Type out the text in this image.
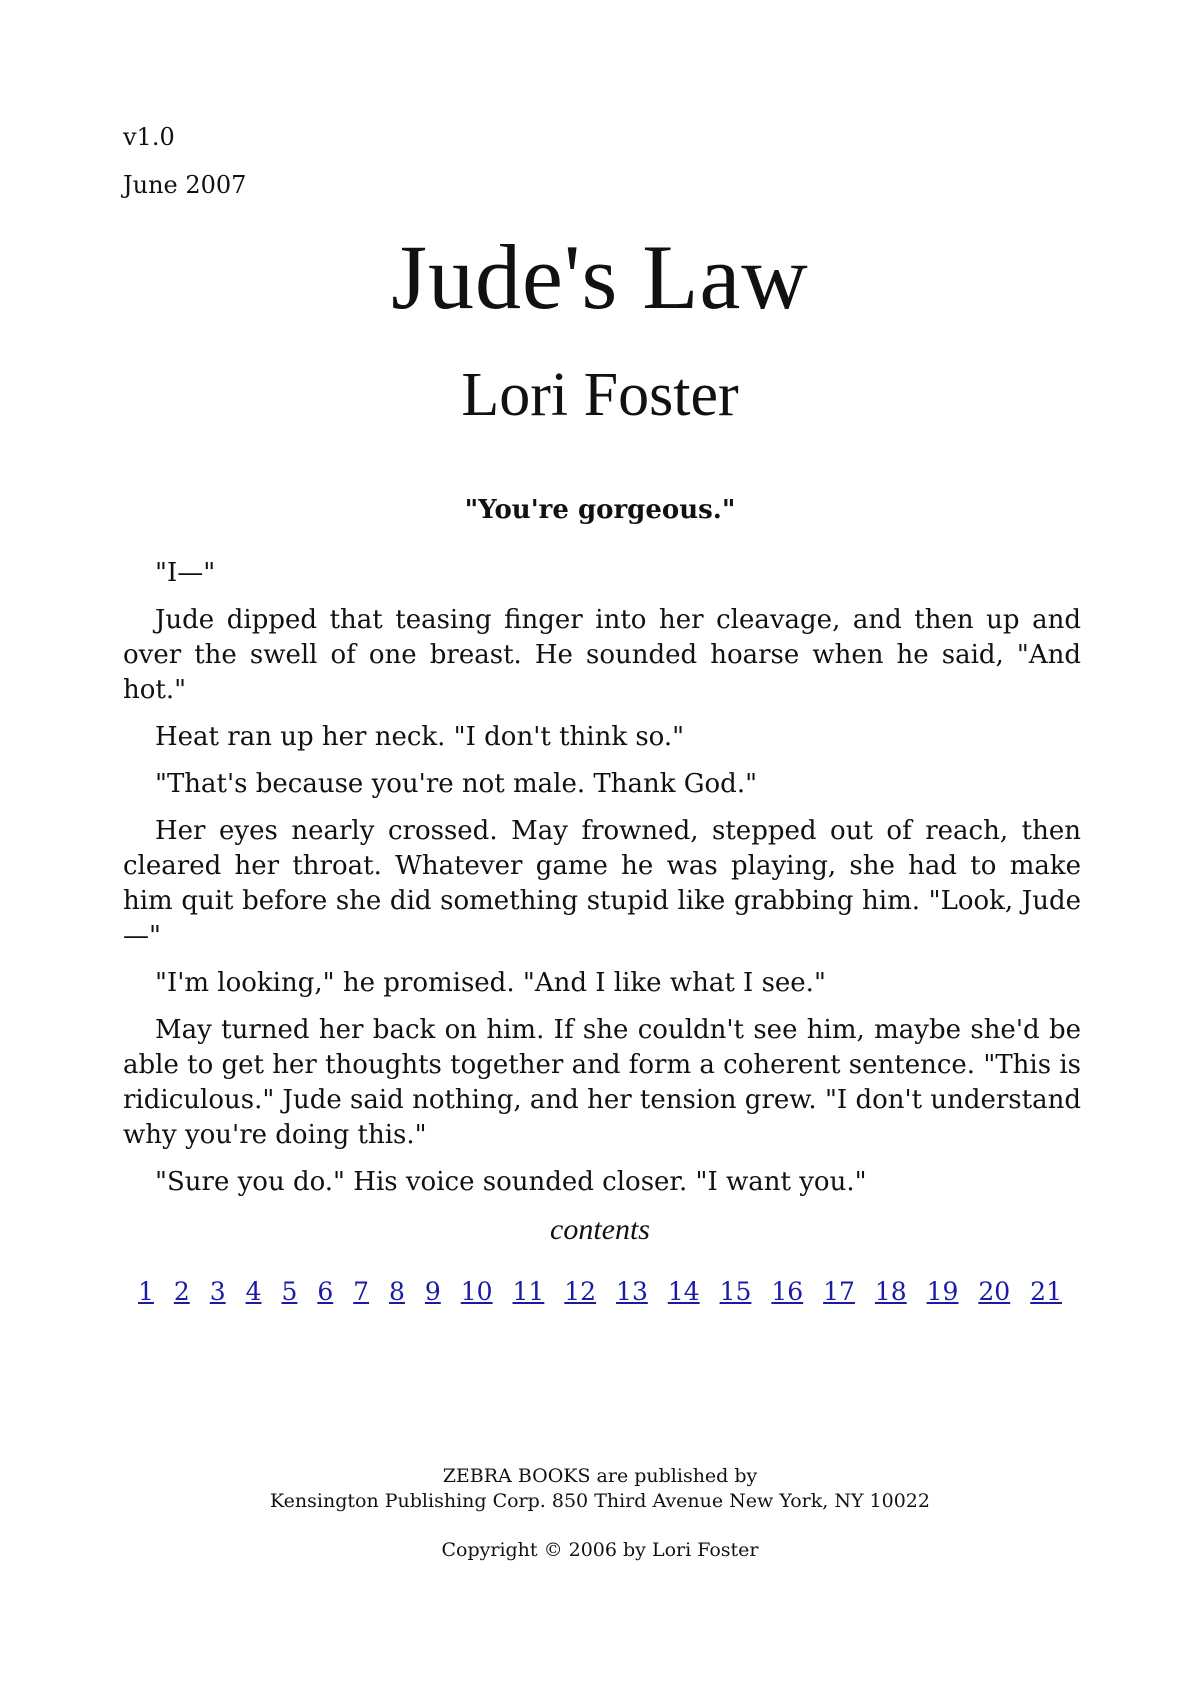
v1.0
June 2007
Jude's Law
Lori Foster
"You're gorgeous."

"I—"

Jude dipped that teasing finger into her cleavage, and then up and over the swell of one breast. He sounded hoarse when he said, "And hot."

Heat ran up her neck. "I don't think so."

"That's because you're not male. Thank God."

Her eyes nearly crossed. May frowned, stepped out of reach, then cleared her throat. Whatever game he was playing, she had to make him quit before she did something stupid like grabbing him. "Look, Jude—"

"I'm looking," he promised. "And I like what I see."

May turned her back on him. If she couldn't see him, maybe she'd be able to get her thoughts together and form a coherent sentence. "This is ridiculous." Jude said nothing, and her tension grew. "I don't understand why you're doing this."

"Sure you do." His voice sounded closer. "I want you."

contents
1 2 3 4 5 6 7 8 9 10 11 12 13 14 15 16 17 18 19 20 21
ZEBRA BOOKS are published by
Kensington Publishing Corp. 850 Third Avenue New York, NY 10022
Copyright © 2006 by Lori Foster
